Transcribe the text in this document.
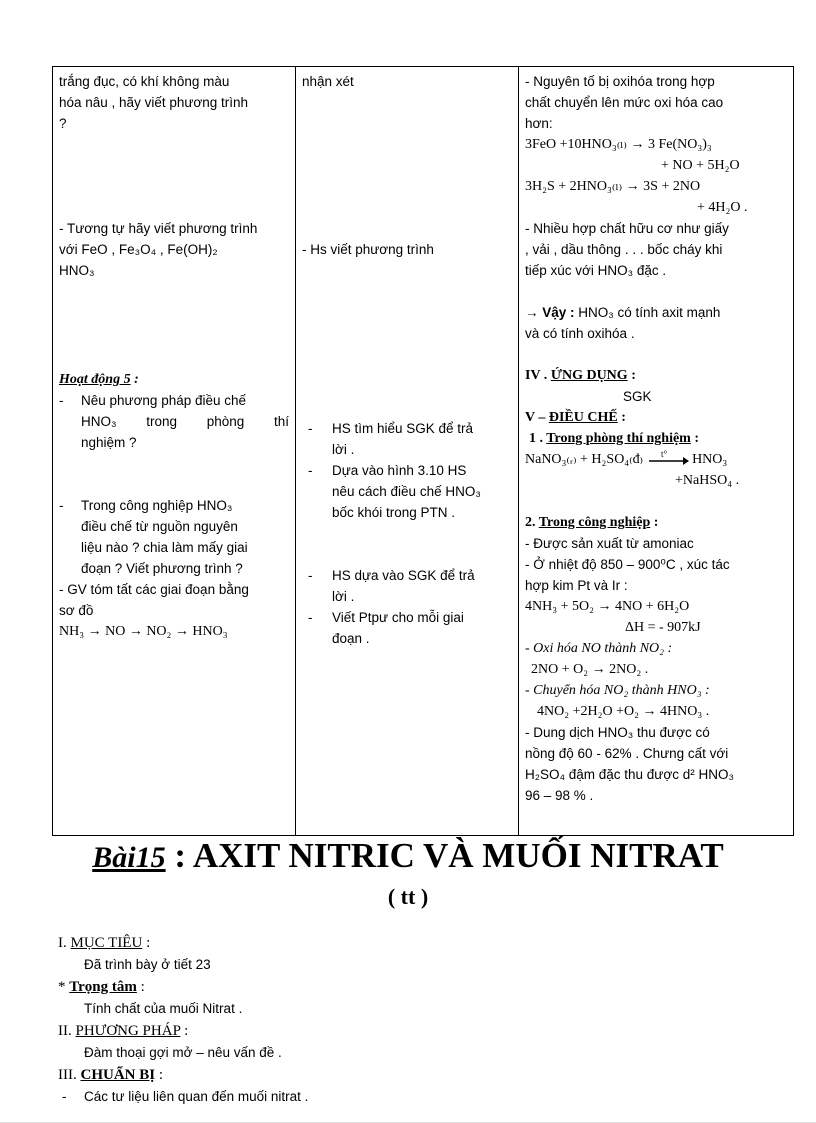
trắng đục, có khí không màu
hóa nâu , hãy viết phương trình
?
- Tương tự hãy viết phương trình
với FeO , Fe₃O₄ , Fe(OH)₂
HNO₃
Hoạt động 5 :
-	Nêu phương pháp điều chế
HNO₃ trong phòng thí
nghiệm ?
-	Trong công nghiệp HNO₃
điều chế từ nguồn nguyên
liệu nào ? chia làm mấy giai
đoạn ? Viết phương trình ?
- GV tóm tất các giai đoạn bằng
sơ đồ
NH₃ → NO → NO₂ → HNO₃

nhận xét
- Hs viết phương trình
-	HS tìm hiểu SGK để trả
lời .
-	Dựa vào hình 3.10 HS
nêu cách điều chế HNO₃
bốc khói trong PTN .
-	HS dựa vào SGK để trả
lời .
-	Viết Ptpư cho mỗi giai
đoạn .

- Nguyên tố bị oxihóa trong hợp
chất chuyển lên mức oxi hóa cao
hơn:
3FeO +10HNO₃₍ₗ₎ → 3 Fe(NO₃)₃
+ NO + 5H₂O
3H₂S + 2HNO₃₍ₗ₎ → 3S + 2NO
+ 4H₂O .
- Nhiều hợp chất hữu cơ như giấy
, vải , dầu thông . . . bốc cháy khi
tiếp xúc với HNO₃ đặc .
→ Vậy : HNO₃ có tính axit mạnh
và có tính oxihóa .
IV . ỨNG DỤNG :
SGK
V – ĐIỀU CHẾ :
1 . Trong phòng thí nghiệm :
NaNO₃₍ᵣ₎ + H₂SO₄₍đ₎ t° HNO₃
+NaHSO₄ .
2. Trong công nghiệp :
- Được sản xuất từ amoniac
- Ở nhiệt độ 850 – 900⁰C , xúc tác
hợp kim Pt và Ir :
4NH₃ + 5O₂ → 4NO + 6H₂O
ΔH = - 907kJ
- Oxi hóa NO thành NO₂ :
2NO + O₂ → 2NO₂ .
- Chuyển hóa NO₂ thành HNO₃ :
4NO₂ +2H₂O +O₂ → 4HNO₃ .
- Dung dịch HNO₃ thu được có
nồng độ 60 - 62% . Chưng cất với
H₂SO₄ đậm đặc thu được d² HNO₃
96 – 98 % .
Bài15 : AXIT NITRIC VÀ MUỐI NITRAT
( tt )
I. MỤC TIÊU :
Đã trình bày ở tiết 23
* Trọng tâm :
Tính chất của muối Nitrat .
II. PHƯƠNG PHÁP :
Đàm thoại gợi mở – nêu vấn đề .
III. CHUẨN BỊ :
-	Các tư liệu liên quan đến muối nitrat .
